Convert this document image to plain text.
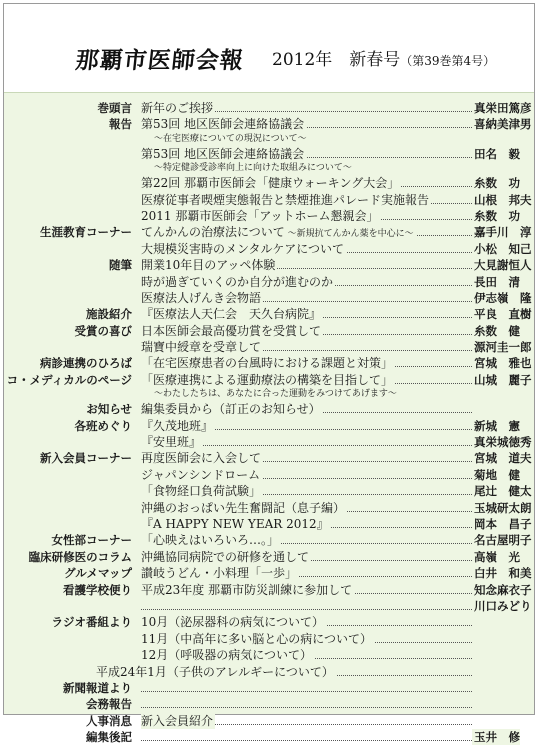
那覇市医師会報 2012年　新春号（第39巻第4号）
巻頭言 新年のご挨拶	真栄田篤彦
報告 第53回 地区医師会連絡協議会	喜納美津男
～在宅医療についての現況について～
第53回 地区医師会連絡協議会	田名　毅
～特定健診受診率向上に向けた取組みについて～
第22回 那覇市医師会「健康ウォーキング大会」	糸数　功
医療従事者喫煙実態報告と禁煙推進パレード実施報告	山根　邦夫
2011 那覇市医師会「アットホーム懇親会」	糸数　功
生涯教育コーナー てんかんの治療法について ～新規抗てんかん薬を中心に～	嘉手川　淳
大規模災害時のメンタルケアについて	小松　知己
随筆 開業10年目のアッペ体験	大見謝恒人
時が過ぎていくのか自分が進むのか	長田　清
医療法人げんき会物語	伊志嶺　隆
施設紹介 『医療法人天仁会　天久台病院』	平良　直樹
受賞の喜び 日本医師会最高優功賞を受賞して	糸数　健
瑞寶中綬章を受章して	源河圭一郎
病診連携のひろば 「在宅医療患者の台風時における課題と対策」	宮城　雅也
コ・メディカルのページ 「医療連携による運動療法の構築を目指して」	山城　麗子
～わたしたちは、あなたに合った運動をみつけてあげます～
お知らせ 編集委員から（訂正のお知らせ）
各班めぐり 『久茂地班』	新城　憲
『安里班』	真栄城徳秀
新入会員コーナー 再度医師会に入会して	宮城　道夫
ジャパンシンドローム	菊地　健
「食物経口負荷試験」	尾辻　健太
沖縄のおっぱい先生奮闘記（息子編）	玉城研太朗
『A HAPPY NEW YEAR 2012』	岡本　昌子
女性部コーナー 「心映えはいろいろ…。」	名古屋明子
臨床研修医のコラム 沖縄協同病院での研修を通して	高嶺　光
グルメマップ 讃岐うどん・小料理「一歩」	白井　和美
看護学校便り 平成23年度 那覇市防災訓練に参加して	知念麻衣子
川口みどり
ラジオ番組より 10月（泌尿器科の病気について）
11月（中高年に多い脳と心の病について）
12月（呼吸器の病気について）
平成24年1月（子供のアレルギーについて）
新聞報道より
会務報告
人事消息 新入会員紹介
編集後記	玉井　修
